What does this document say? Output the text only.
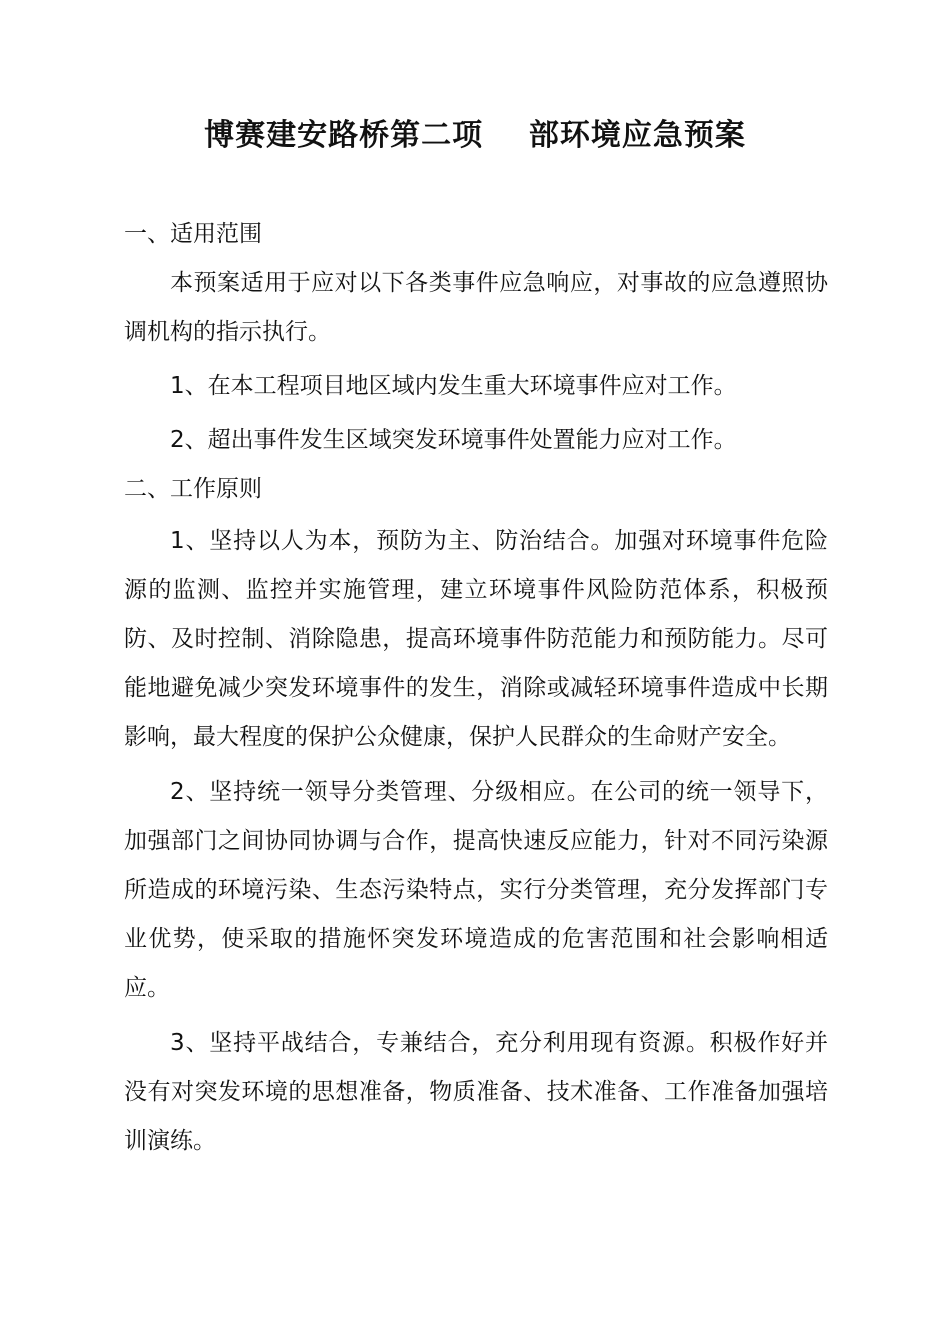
博赛建安路桥第二项    部环境应急预案

一、适用范围

本预案适用于应对以下各类事件应急响应，对事故的应急遵照协调机构的指示执行。

1、在本工程项目地区域内发生重大环境事件应对工作。

2、超出事件发生区域突发环境事件处置能力应对工作。

二、工作原则

1、坚持以人为本，预防为主、防治结合。加强对环境事件危险源的监测、监控并实施管理，建立环境事件风险防范体系，积极预防、及时控制、消除隐患，提高环境事件防范能力和预防能力。尽可能地避免减少突发环境事件的发生，消除或减轻环境事件造成中长期影响，最大程度的保护公众健康，保护人民群众的生命财产安全。

2、坚持统一领导分类管理、分级相应。在公司的统一领导下，加强部门之间协同协调与合作，提高快速反应能力，针对不同污染源所造成的环境污染、生态污染特点，实行分类管理，充分发挥部门专业优势，使采取的措施怀突发环境造成的危害范围和社会影响相适应。

3、坚持平战结合，专兼结合，充分利用现有资源。积极作好并没有对突发环境的思想准备，物质准备、技术准备、工作准备加强培训演练。
